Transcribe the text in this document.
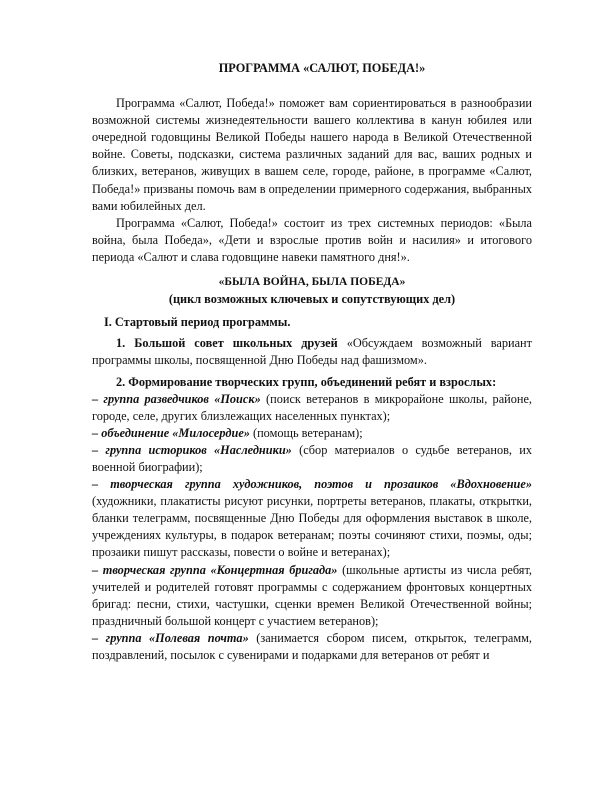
ПРОГРАММА «САЛЮТ, ПОБЕДА!»

Программа «Салют, Победа!» поможет вам сориентироваться в разнообразии возможной системы жизнедеятельности вашего коллектива в канун юбилея или очередной годовщины Великой Победы нашего народа в Великой Отечественной войне. Советы, подсказки, система различных заданий для вас, ваших родных и близких, ветеранов, живущих в вашем селе, городе, районе, в программе «Салют, Победа!» призваны помочь вам в определении примерного содержания, выбранных вами юбилейных дел.

Программа «Салют, Победа!» состоит из трех системных периодов: «Была война, была Победа», «Дети и взрослые против войн и насилия» и итогового периода «Салют и слава годовщине навеки памятного дня!».

«БЫЛА ВОЙНА, БЫЛА ПОБЕДА»

(цикл возможных ключевых и сопутствующих дел)

I. Стартовый период программы.

1. Большой совет школьных друзей «Обсуждаем возможный вариант программы школы, посвященной Дню Победы над фашизмом».

2. Формирование творческих групп, объединений ребят и взрослых:

– группа разведчиков «Поиск» (поиск ветеранов в микрорайоне школы, районе, городе, селе, других близлежащих населенных пунктах);

– объединение «Милосердие» (помощь ветеранам);

– группа историков «Наследники» (сбор материалов о судьбе ветеранов, их военной биографии);

– творческая группа художников, поэтов и прозаиков «Вдохновение» (художники, плакатисты рисуют рисунки, портреты ветеранов, плакаты, открытки, бланки телеграмм, посвященные Дню Победы для оформления выставок в школе, учреждениях культуры, в подарок ветеранам; поэты сочиняют стихи, поэмы, оды; прозаики пишут рассказы, повести о войне и ветеранах);

– творческая группа «Концертная бригада» (школьные артисты из числа ребят, учителей и родителей готовят программы с содержанием фронтовых концертных бригад: песни, стихи, частушки, сценки времен Великой Отечественной войны; праздничный большой концерт с участием ветеранов);

– группа «Полевая почта» (занимается сбором писем, открыток, телеграмм, поздравлений, посылок с сувенирами и подарками для ветеранов от ребят и
